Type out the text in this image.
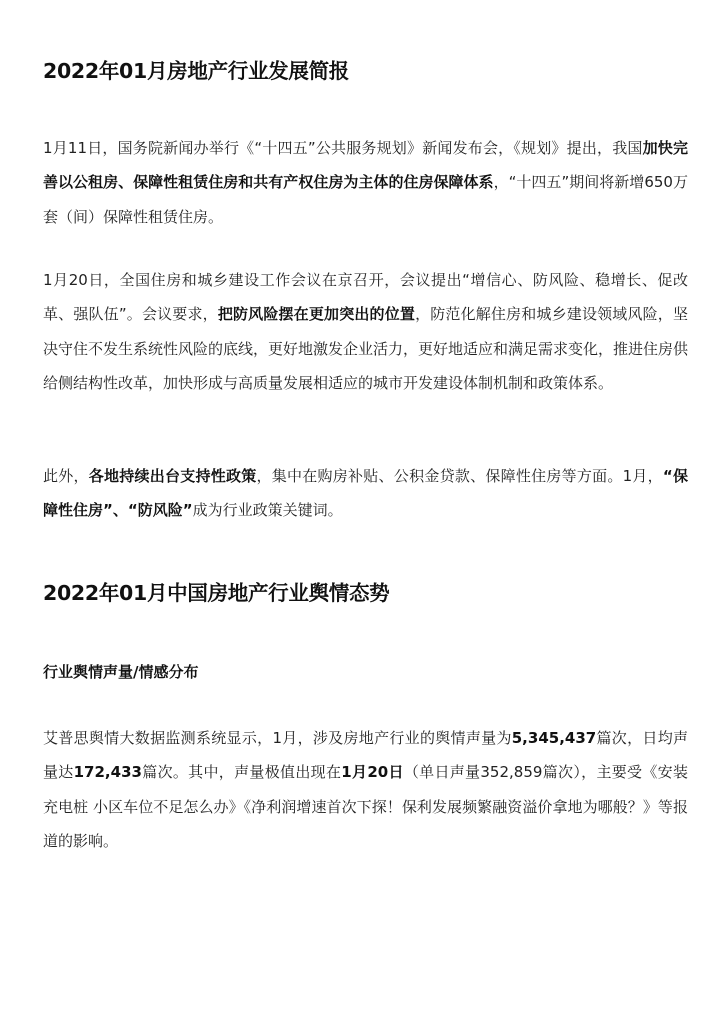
2022年01月房地产行业发展简报

1月11日，国务院新闻办举行《“十四五”公共服务规划》新闻发布会，《规划》提出，我国加快完善以公租房、保障性租赁住房和共有产权住房为主体的住房保障体系，“十四五”期间将新增650万套（间）保障性租赁住房。

1月20日，全国住房和城乡建设工作会议在京召开，会议提出“增信心、防风险、稳增长、促改革、强队伍”。会议要求，把防风险摆在更加突出的位置，防范化解住房和城乡建设领域风险，坚决守住不发生系统性风险的底线，更好地激发企业活力，更好地适应和满足需求变化，推进住房供给侧结构性改革，加快形成与高质量发展相适应的城市开发建设体制机制和政策体系。

此外，各地持续出台支持性政策，集中在购房补贴、公积金贷款、保障性住房等方面。1月，“保障性住房”、“防风险”成为行业政策关键词。

2022年01月中国房地产行业舆情态势
行业舆情声量/情感分布

艾普思舆情大数据监测系统显示，1月，涉及房地产行业的舆情声量为5,345,437篇次，日均声量达172,433篇次。其中，声量极值出现在1月20日（单日声量352,859篇次），主要受《安装充电桩 小区车位不足怎么办》《净利润增速首次下探！保利发展频繁融资溢价拿地为哪般？》等报道的影响。
